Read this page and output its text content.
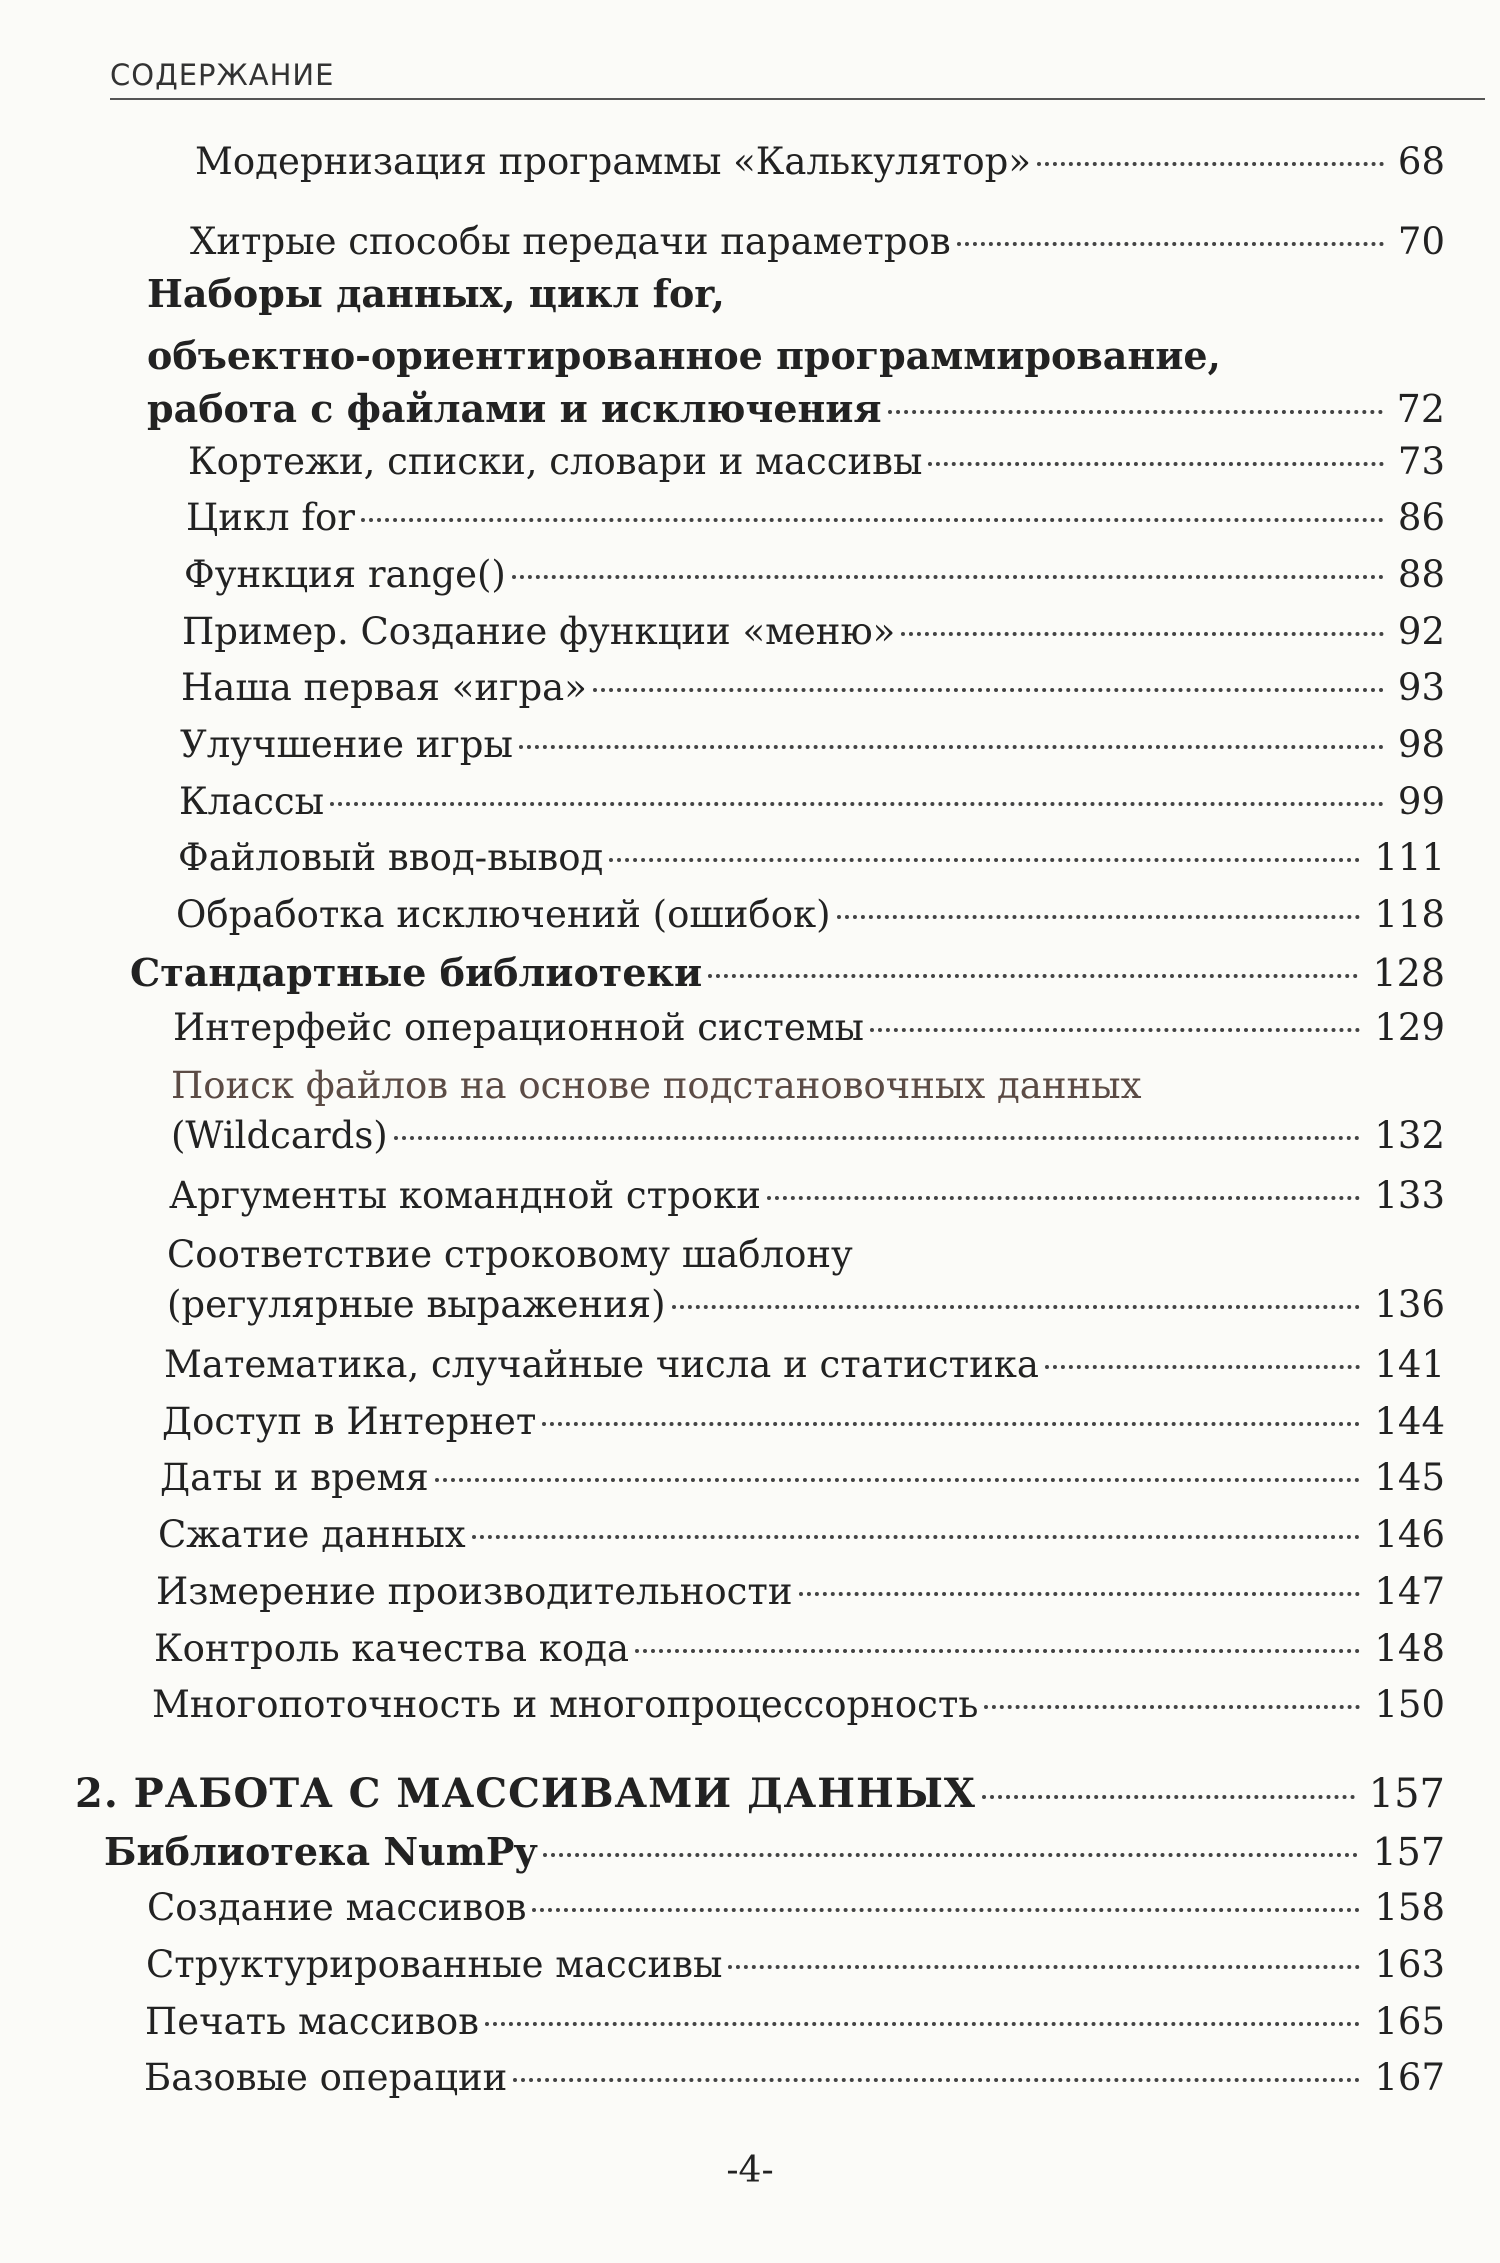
СОДЕРЖАНИЕ
Модернизация программы «Калькулятор»	68
Хитрые способы передачи параметров	70
Наборы данных, цикл for,
объектно-ориентированное программирование,
работа с файлами и исключения	72
Кортежи, списки, словари и массивы	73
Цикл for	86
Функция range()	88
Пример. Создание функции «меню»	92
Наша первая «игра»	93
Улучшение игры	98
Классы	99
Файловый ввод-вывод	111
Обработка исключений (ошибок)	118
Стандартные библиотеки	128
Интерфейс операционной системы	129
Поиск файлов на основе подстановочных данных
(Wildcards)	132
Аргументы командной строки	133
Соответствие строковому шаблону
(регулярные выражения)	136
Математика, случайные числа и статистика	141
Доступ в Интернет	144
Даты и время	145
Сжатие данных	146
Измерение производительности	147
Контроль качества кода	148
Многопоточность и многопроцессорность	150
2. РАБОТА С МАССИВАМИ ДАННЫХ	157
Библиотека NumPy	157
Создание массивов	158
Структурированные массивы	163
Печать массивов	165
Базовые операции	167
-4-
